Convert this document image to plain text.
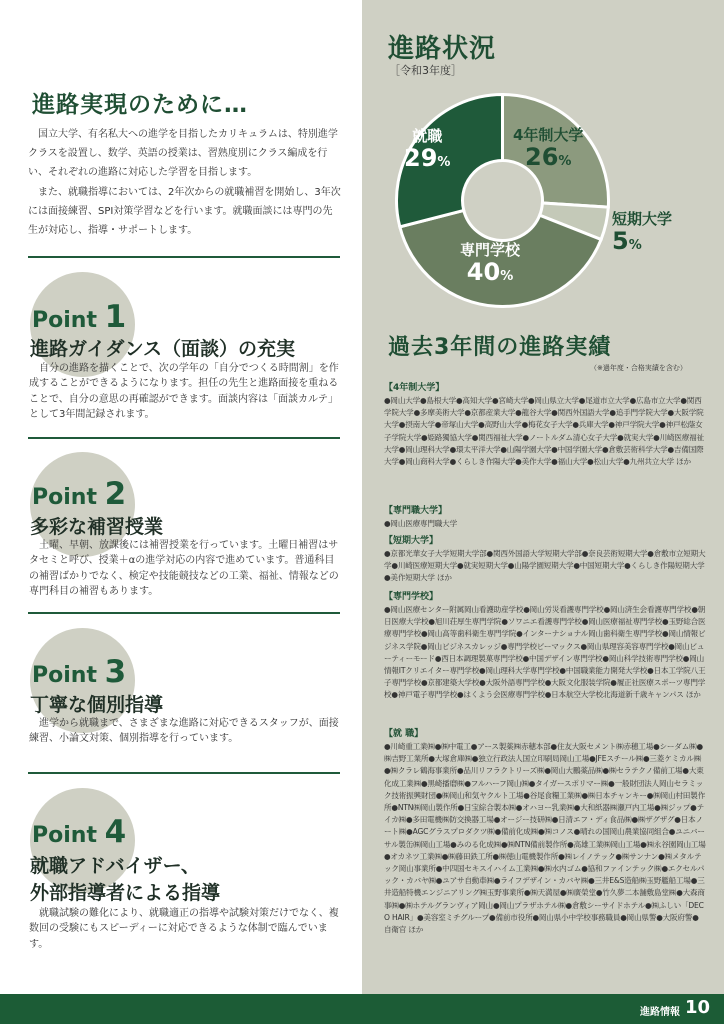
進路実現のために…

国立大学、有名私大への進学を目指したカリキュラムは、特別進学クラスを設置し、数学、英語の授業は、習熟度別にクラス編成を行い、それぞれの進路に対応した学習を目指します。

また、就職指導においては、2年次からの就職補習を開始し、3年次には面接練習、SPI対策学習などを行います。就職面談には専門の先生が対応し、指導・サポートします。

Point 1
進路ガイダンス（面談）の充実

自分の進路を描くことで、次の学年の「自分でつくる時間割」を作成することができるようになります。担任の先生と進路面接を重ねることで、自分の意思の再確認ができます。面談内容は「面談カルテ」として3年間記録されます。

Point 2
多彩な補習授業

土曜、早朝、放課後には補習授業を行っています。土曜日補習はサタセミと呼び、授業＋αの進学対応の内容で進めています。普通科目の補習ばかりでなく、検定や技能競技などの工業、福祉、情報などの専門科目の補習もあります。

Point 3
丁寧な個別指導

進学から就職まで、さまざまな進路に対応できるスタッフが、面接練習、小論文対策、個別指導を行っています。

Point 4
就職アドバイザー、
外部指導者による指導

就職試験の難化により、就職適正の指導や試験対策だけでなく、複数回の受験にもスピーディーに対応できるような体制で臨んでいます。

進路状況
［令和3年度］
4年制大学
26%
短期大学
5%
専門学校
40%
就職
29%
過去3年間の進路実績
（※過年度・合格実績を含む）
【4年制大学】
●岡山大学●島根大学●高知大学●宮崎大学●岡山県立大学●尾道市立大学●広島市立大学●関西学院大学●多摩美術大学●京都産業大学●龍谷大学●関西外国語大学●追手門学院大学●大阪学院大学●摂南大学●帝塚山大学●高野山大学●梅花女子大学●兵庫大学●神戸学院大学●神戸松蔭女子学院大学●姫路獨協大学●関西福祉大学●ノートルダム清心女子大学●就実大学●川崎医療福祉大学●岡山理科大学●環太平洋大学●山陽学園大学●中国学園大学●倉敷芸術科学大学●吉備国際大学●岡山商科大学●くらしき作陽大学●美作大学●福山大学●松山大学●九州共立大学 ほか
【専門職大学】
●岡山医療専門職大学
【短期大学】
●京都光華女子大学短期大学部●関西外国語大学短期大学部●奈良芸術短期大学●倉敷市立短期大学●川崎医療短期大学●就実短期大学●山陽学園短期大学●中国短期大学●くらしき作陽短期大学●美作短期大学 ほか
【専門学校】
●岡山医療センター附属岡山看護助産学校●岡山労災看護専門学校●岡山済生会看護専門学校●朝日医療大学校●旭川荘厚生専門学院●ソワニエ看護専門学校●岡山医療福祉専門学校●玉野総合医療専門学校●岡山高等歯科衛生専門学院●インターナショナル岡山歯科衛生専門学校●岡山情報ビジネス学院●岡山ビジネスカレッジ●専門学校ビーマックス●岡山県理容美容専門学校●岡山ビューティーモード●西日本調理製菓専門学校●中国デザイン専門学校●岡山科学技術専門学校●岡山情報ITクリエイター専門学校●岡山理科大学専門学校●中国職業能力開発大学校●日本工学院八王子専門学校●京都建築大学校●大阪外語専門学校●大阪文化服装学院●履正社医療スポーツ専門学校●神戸電子専門学校●はくよう会医療専門学校●日本航空大学校北海道新千歳キャンパス ほか
【就 職】
●川崎重工業㈱●㈱中電工●アース製薬㈱赤穂本部●住友大阪セメント㈱赤穂工場●シーダム㈱●㈱吉野工業所●大塚倉庫㈱●独立行政法人国立印刷局岡山工場●JFEスチール㈱●三菱ケミカル㈱●㈱クラレ鶴海事業所●品川リフラクトリーズ㈱●岡山大鵬薬品㈱●㈱セラテクノ備前工場●大東化成工業㈱●黒崎播磨㈱●フルハーフ岡山㈱●タイガースポリマー㈱●一般財団法人岡山セラミック技術振興財団●㈱岡山和気ヤクルト工場●谷尾食糧工業㈱●㈱日本チャンキー●㈱岡山村田製作所●NTN㈱岡山製作所●日宝綜合製本㈱●オハヨー乳業㈱●大和紙器㈱瀬戸内工場●㈱ジップ●テイカ㈱●多田電機㈱防交換器工場●オージー技研㈱●日清エフ・ディ食品㈱●㈱ザグザグ●日本ノート㈱●AGCグラスプロダクツ㈱●備前化成㈱●㈱コノス●晴れの国岡山農業協同組合●ユニバーサル製缶㈱岡山工場●みのる化成㈱●㈱NTN備前製作所●高雄工業㈱岡山工場●㈱永谷園岡山工場●オカネツ工業㈱●㈱藤田鉄工所●㈱徳山電機製作所●㈱レイノテック●㈱サンナン●㈱メタルテック岡山事業所●中四国セキスイハイム工業㈱●㈱水内ゴム●協和ファインテック㈱●エクセルパック・カバヤ㈱●ユアサ自動車㈱●ライフデザイン・カバヤ㈱●三井E&S造船㈱玉野艦船工場●三井造船特機エンジニアリング㈱玉野事業所●㈱天満屋●㈱廣榮堂●竹久夢二本舗敷島堂㈱●大森商事㈱●㈱ホテルグランヴィア岡山●岡山プラザホテル㈱●倉敷シーサイドホテル●㈱ふしい「DECO HAIR」●美容室ミチグループ●備前市役所●岡山県小中学校事務職員●岡山県警●大阪府警●自衛官 ほか
進路情報 10
